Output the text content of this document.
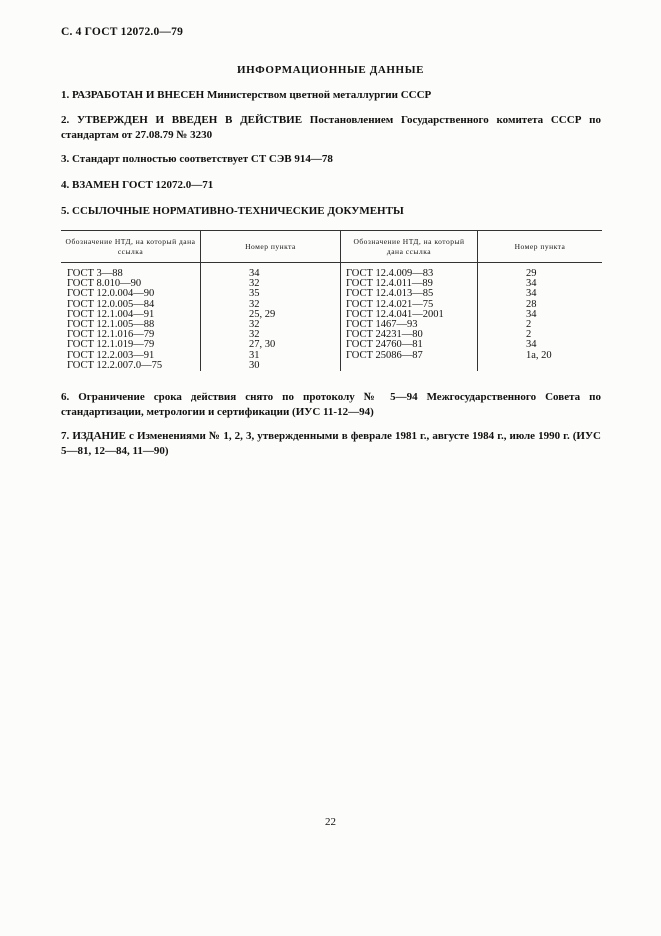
С. 4 ГОСТ 12072.0—79
ИНФОРМАЦИОННЫЕ ДАННЫЕ
1. РАЗРАБОТАН И ВНЕСЕН Министерством цветной металлургии СССР
2. УТВЕРЖДЕН И ВВЕДЕН В ДЕЙСТВИЕ Постановлением Государственного комитета СССР по стандартам от 27.08.79 № 3230
3. Стандарт полностью соответствует СТ СЭВ 914—78
4. ВЗАМЕН ГОСТ 12072.0—71
5. ССЫЛОЧНЫЕ НОРМАТИВНО-ТЕХНИЧЕСКИЕ ДОКУМЕНТЫ
Обозначение НТД, на который дана ссылка	Номер пункта	Обозначение НТД, на который дана ссылка	Номер пункта
ГОСТ 3—88	34	ГОСТ 12.4.009—83	29
ГОСТ 8.010—90	32	ГОСТ 12.4.011—89	34
ГОСТ 12.0.004—90	35	ГОСТ 12.4.013—85	34
ГОСТ 12.0.005—84	32	ГОСТ 12.4.021—75	28
ГОСТ 12.1.004—91	25, 29	ГОСТ 12.4.041—2001	34
ГОСТ 12.1.005—88	32	ГОСТ 1467—93	2
ГОСТ 12.1.016—79	32	ГОСТ 24231—80	2
ГОСТ 12.1.019—79	27, 30	ГОСТ 24760—81	34
ГОСТ 12.2.003—91	31	ГОСТ 25086—87	1а, 20
ГОСТ 12.2.007.0—75	30		
6. Ограничение срока действия снято по протоколу № 5—94 Межгосударственного Совета по стандартизации, метрологии и сертификации (ИУС 11-12—94)
7. ИЗДАНИЕ с Изменениями № 1, 2, 3, утвержденными в феврале 1981 г., августе 1984 г., июле 1990 г. (ИУС 5—81, 12—84, 11—90)
22
